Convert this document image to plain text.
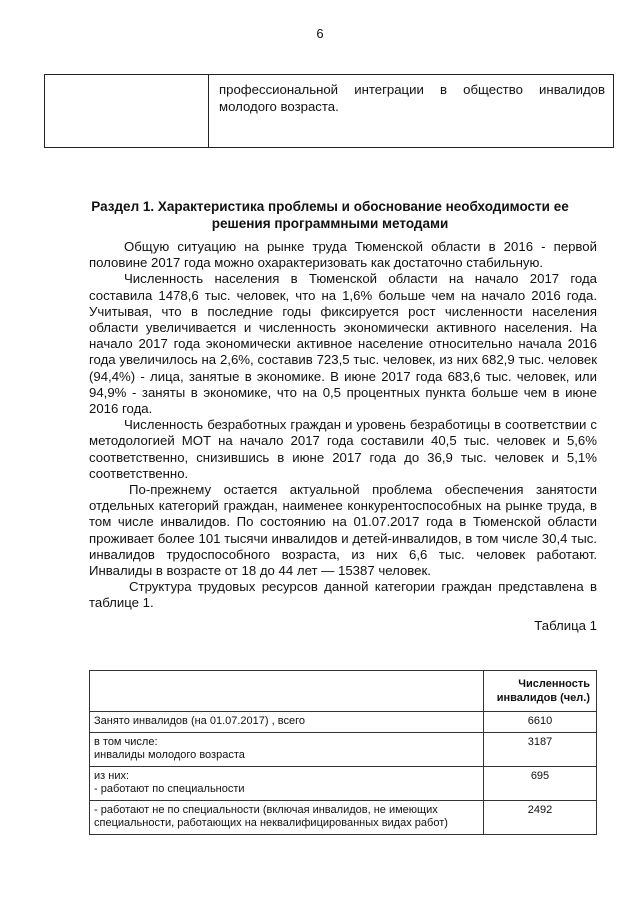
6
профессиональной интеграции в общество инвалидов
молодого возраста.
Раздел 1. Характеристика проблемы и обоснование необходимости ее
решения программными методами

Общую ситуацию на рынке труда Тюменской области в 2016 - первой половине 2017 года можно охарактеризовать как достаточно стабильную.

Численность населения в Тюменской области на начало 2017 года составила 1478,6 тыс. человек, что на 1,6% больше чем на начало 2016 года. Учитывая, что в последние годы фиксируется рост численности населения области увеличивается и численность экономически активного населения. На начало 2017 года экономически активное население относительно начала 2016 года увеличилось на 2,6%, составив 723,5 тыс. человек, из них 682,9 тыс. человек (94,4%) - лица, занятые в экономике. В июне 2017 года 683,6 тыс. человек, или 94,9% - заняты в экономике, что на 0,5 процентных пункта больше чем в июне 2016 года.

Численность безработных граждан и уровень безработицы в соответствии с методологией МОТ на начало 2017 года составили 40,5 тыс. человек и 5,6% соответственно, снизившись в июне 2017 года до 36,9 тыс. человек и 5,1% соответственно.

По-прежнему остается актуальной проблема обеспечения занятости отдельных категорий граждан, наименее конкурентоспособных на рынке труда, в том числе инвалидов. По состоянию на 01.07.2017 года в Тюменской области проживает более 101 тысячи инвалидов и детей-инвалидов, в том числе 30,4 тыс. инвалидов трудоспособного возраста, из них 6,6 тыс. человек работают. Инвалиды в возрасте от 18 до 44 лет — 15387 человек.

Структура трудовых ресурсов данной категории граждан представлена в таблице 1.

Таблица 1

	Численность
инвалидов (чел.)

Занято инвалидов (на 01.07.2017) , всего	6610

в том числе:
инвалиды молодого возраста	3187

из них:
- работают по специальности	695

- работают не по специальности (включая инвалидов, не имеющих
специальности, работающих на неквалифицированных видах работ)	2492
